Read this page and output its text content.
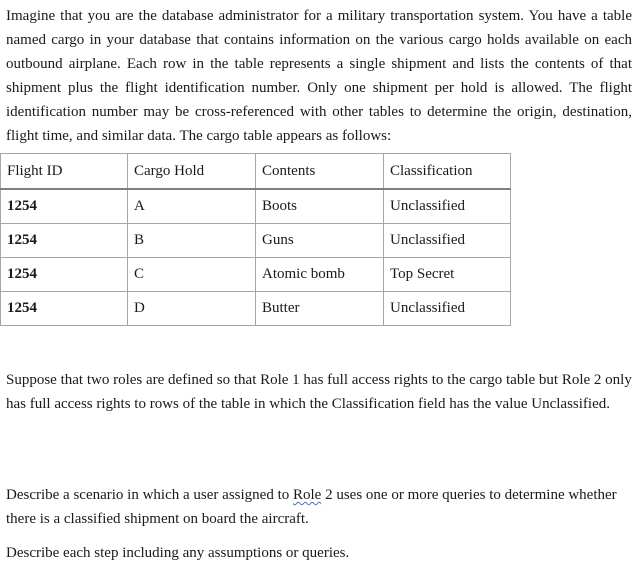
Imagine that you are the database administrator for a military transportation system. You have a table named cargo in your database that contains information on the various cargo holds available on each outbound airplane. Each row in the table represents a single shipment and lists the contents of that shipment plus the flight identification number. Only one shipment per hold is allowed. The flight identification number may be cross-referenced with other tables to determine the origin, destination, flight time, and similar data. The cargo table appears as follows:

Flight ID	Cargo Hold	Contents	Classification
1254	A	Boots	Unclassified
1254	B	Guns	Unclassified
1254	C	Atomic bomb	Top Secret
1254	D	Butter	Unclassified

Suppose that two roles are defined so that Role 1 has full access rights to the cargo table but Role 2 only has full access rights to rows of the table in which the Classification field has the value Unclassified.

Describe a scenario in which a user assigned to Role 2 uses one or more queries to determine whether there is a classified shipment on board the aircraft.

Describe each step including any assumptions or queries.
